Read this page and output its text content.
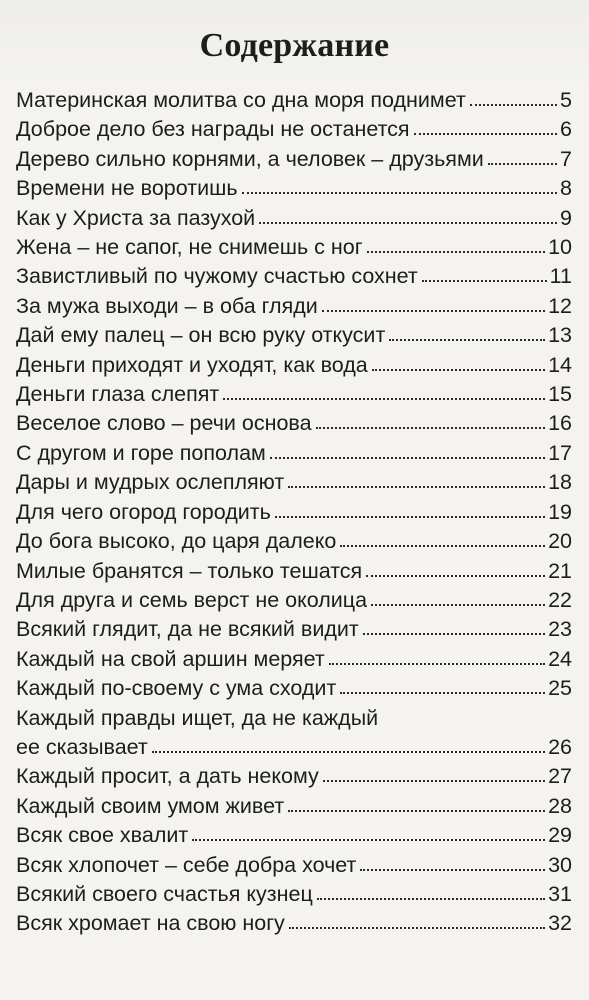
Содержание
Материнская молитва со дна моря поднимет	5
Доброе дело без награды не останется	6
Дерево сильно корнями, а человек – друзьями	7
Времени не воротишь	8
Как у Христа за пазухой	9
Жена – не сапог, не снимешь с ног	10
Завистливый по чужому счастью сохнет	11
За мужа выходи – в оба гляди	12
Дай ему палец – он всю руку откусит	13
Деньги приходят и уходят, как вода	14
Деньги глаза слепят	15
Веселое слово – речи основа	16
С другом и горе пополам	17
Дары и мудрых ослепляют	18
Для чего огород городить	19
До бога высоко, до царя далеко	20
Милые бранятся – только тешатся	21
Для друга и семь верст не околица	22
Всякий глядит, да не всякий видит	23
Каждый на свой аршин меряет	24
Каждый по-своему с ума сходит	25
Каждый правды ищет, да не каждый
ее сказывает	26
Каждый просит, а дать некому	27
Каждый своим умом живет	28
Всяк свое хвалит	29
Всяк хлопочет – себе добра хочет	30
Всякий своего счастья кузнец	31
Всяк хромает на свою ногу	32
